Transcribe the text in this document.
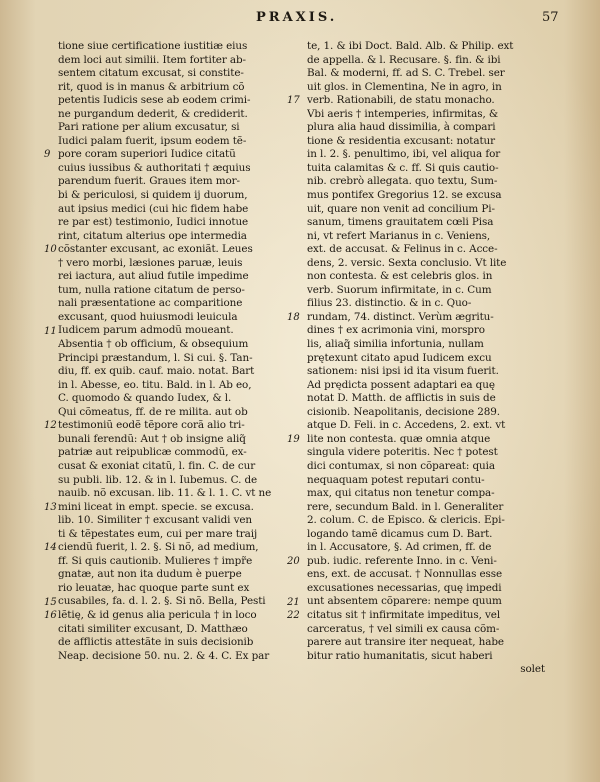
PRAXIS.	57
tione siue certificatione iustitiæ eius
dem loci aut similii. Item fortiter ab-
sentem citatum excusat, si constite-
rit, quod is in manus & arbitrium cõ
petentis Iudicis sese ab eodem crimi-
ne purgandum dederit, & crediderit.
Pari ratione per alium excusatur, si
Iudici palam fuerit, ipsum eodem tẽ-
pore coram superiori Iudice citatũ
cuius iussibus & authoritati † æquius
parendum fuerit. Graues item mor-
bi & periculosi, si quidem ij duorum,
aut ipsius medici (cui hic fidem habe
re par est) testimonio, Iudici innotue
rint, citatum alterius ope intermedia
cõstanter excusant, ac exoniãt. Leues
† vero morbi, læsiones paruæ, leuis
rei iactura, aut aliud futile impedime
tum, nulla ratione citatum de perso-
nali præsentatione ac comparitione
excusant, quod huiusmodi leuicula
Iudicem parum admodũ moueant.
Absentia † ob officium, & obsequium
Principi præstandum, l. Si cui. §. Tan-
diu, ff. ex quib. cauf. maio. notat. Bart
in l. Abesse, eo. titu. Bald. in l. Ab eo,
C. quomodo & quando Iudex, & l.
Qui cõmeatus, ff. de re milita. aut ob
testimoniũ eodẽ tẽpore corã alio tri-
bunali ferendũ: Aut † ob insigne aliq̃
patriæ aut reipublicæ commodũ, ex-
cusat & exoniat citatũ, l. fin. C. de cur
su publi. lib. 12. & in l. Iubemus. C. de
nauib. nõ excusan. lib. 11. & l. 1. C. vt ne
mini liceat in empt. specie. se excusa.
lib. 10. Similiter † excusant validi ven
ti & tẽpestates eum, cui per mare traij
ciendũ fuerit, l. 2. §. Si nõ, ad medium,
ff. Si quis cautionib. Mulieres † impr̃e
gnatæ, aut non ita dudum è puerpe
rio leuatæ, hac quoque parte sunt ex
cusabiles, fa. d. l. 2. §. Si nõ. Bella, Pesti
lẽtię, & id genus alia pericula † in loco
citati similiter excusant, D. Matthæo
de afflictis attestãte in suis decisionib
Neap. decisione 50. nu. 2. & 4. C. Ex par
te, 1. & ibi Doct. Bald. Alb. & Philip. ext
de appella. & l. Recusare. §. fin. & ibi
Bal. & moderni, ff. ad S. C. Trebel. ser
uit glos. in Clementina, Ne in agro, in
verb. Rationabili, de statu monacho.
Vbi aeris † intemperies, infirmitas, &
plura alia haud dissimilia, à compari
tione & residentia excusant: notatur
in l. 2. §. penultimo, ibi, vel aliqua for
tuita calamitas & c. ff. Si quis cautio-
nib. crebrò allegata. quo textu, Sum-
mus pontifex Gregorius 12. se excusa
uit, quare non venit ad concilium Pi-
sanum, timens grauitatem cœli Pisa
ni, vt refert Marianus in c. Veniens,
ext. de accusat. & Felinus in c. Acce-
dens, 2. versic. Sexta conclusio. Vt lite
non contesta. & est celebris glos. in
verb. Suorum infirmitate, in c. Cum
filius 23. distinctio. & in c. Quo-
rundam, 74. distinct. Verùm ægritu-
dines † ex acrimonia vini, morspro
lis, aliaq̃ similia infortunia, nullam
prętexunt citato apud Iudicem excu
sationem: nisi ipsi id ita visum fuerit.
Ad prędicta possent adaptari ea quę
notat D. Matth. de afflictis in suis de
cisionib. Neapolitanis, decisione 289.
atque D. Feli. in c. Accedens, 2. ext. vt
lite non contesta. quæ omnia atque
singula videre poteritis. Nec † potest
dici contumax, si non cõpareat: quia
nequaquam potest reputari contu-
max, qui citatus non tenetur compa-
rere, secundum Bald. in l. Generaliter
2. colum. C. de Episco. & clericis. Epi-
logando tamẽ dicamus cum D. Bart.
in l. Accusatore, §. Ad crimen, ff. de
pub. iudic. referente Inno. in c. Veni-
ens, ext. de accusat. † Nonnullas esse
excusationes necessarias, quę impedi
unt absentem cõparere: nempe quum
citatus sit † infirmitate impeditus, vel
carceratus, † vel simili ex causa cõm-
parere aut transire iter nequeat, habe
bitur ratio humanitatis, sicut haberi
solet
9
10
11
12
13
14
15
16
17
18
19
20
21
22
